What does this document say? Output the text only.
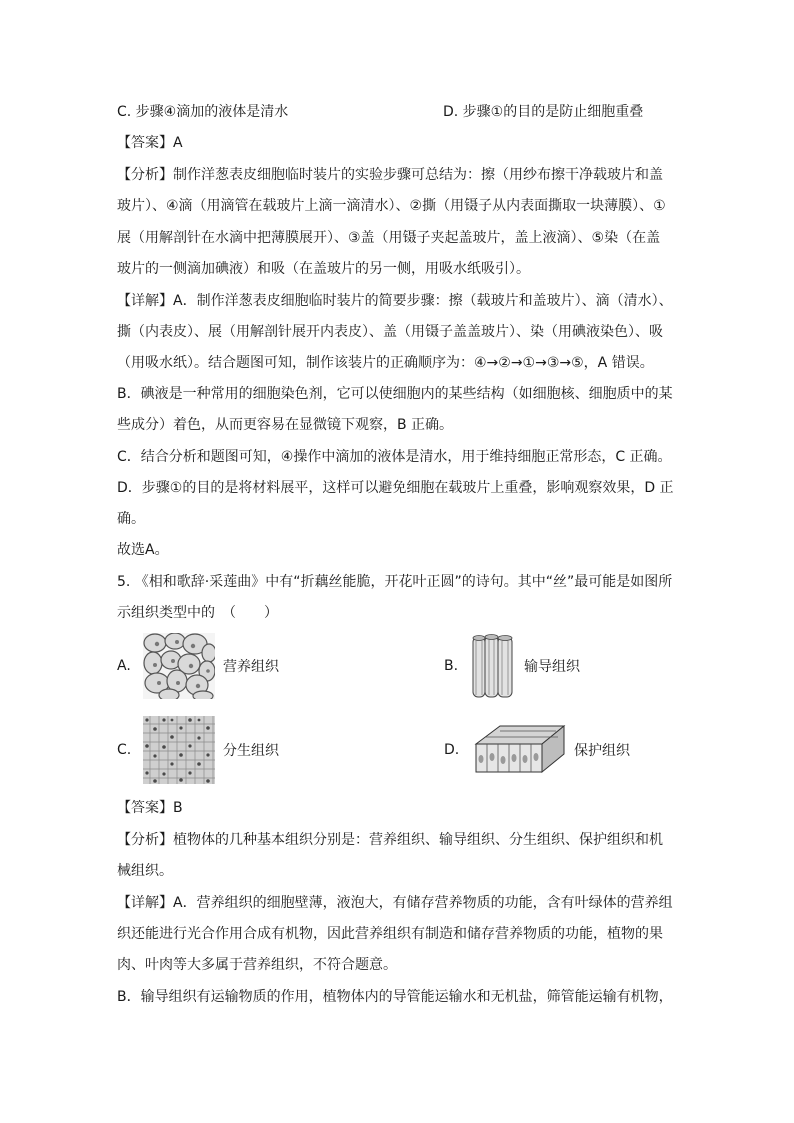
C. 步骤④滴加的液体是清水	D. 步骤①的目的是防止细胞重叠
【答案】A
【分析】制作洋葱表皮细胞临时装片的实验步骤可总结为：擦（用纱布擦干净载玻片和盖
玻片）、④滴（用滴管在载玻片上滴一滴清水）、②撕（用镊子从内表面撕取一块薄膜）、①
展（用解剖针在水滴中把薄膜展开）、③盖（用镊子夹起盖玻片，盖上液滴）、⑤染（在盖
玻片的一侧滴加碘液）和吸（在盖玻片的另一侧，用吸水纸吸引）。
【详解】A．制作洋葱表皮细胞临时装片的简要步骤：擦（载玻片和盖玻片）、滴（清水）、
撕（内表皮）、展（用解剖针展开内表皮）、盖（用镊子盖盖玻片）、染（用碘液染色）、吸
（用吸水纸）。结合题图可知，制作该装片的正确顺序为：④→②→①→③→⑤，A 错误。
B．碘液是一种常用的细胞染色剂，它可以使细胞内的某些结构（如细胞核、细胞质中的某
些成分）着色，从而更容易在显微镜下观察，B 正确。
C．结合分析和题图可知，④操作中滴加的液体是清水，用于维持细胞正常形态，C 正确。
D．步骤①的目的是将材料展平，这样可以避免细胞在载玻片上重叠，影响观察效果，D 正
确。
故选A。
5. 《相和歌辞·采莲曲》中有“折藕丝能脆，开花叶正圆”的诗句。其中“丝”最可能是如图所
示组织类型中的　（　　）
A.	营养组织	B.	输导组织
C.	分生组织	D.	保护组织
【答案】B
【分析】植物体的几种基本组织分别是：营养组织、输导组织、分生组织、保护组织和机
械组织。
【详解】A．营养组织的细胞壁薄，液泡大，有储存营养物质的功能，含有叶绿体的营养组
织还能进行光合作用合成有机物，因此营养组织有制造和储存营养物质的功能，植物的果
肉、叶肉等大多属于营养组织，不符合题意。
B．输导组织有运输物质的作用，植物体内的导管能运输水和无机盐，筛管能运输有机物，
